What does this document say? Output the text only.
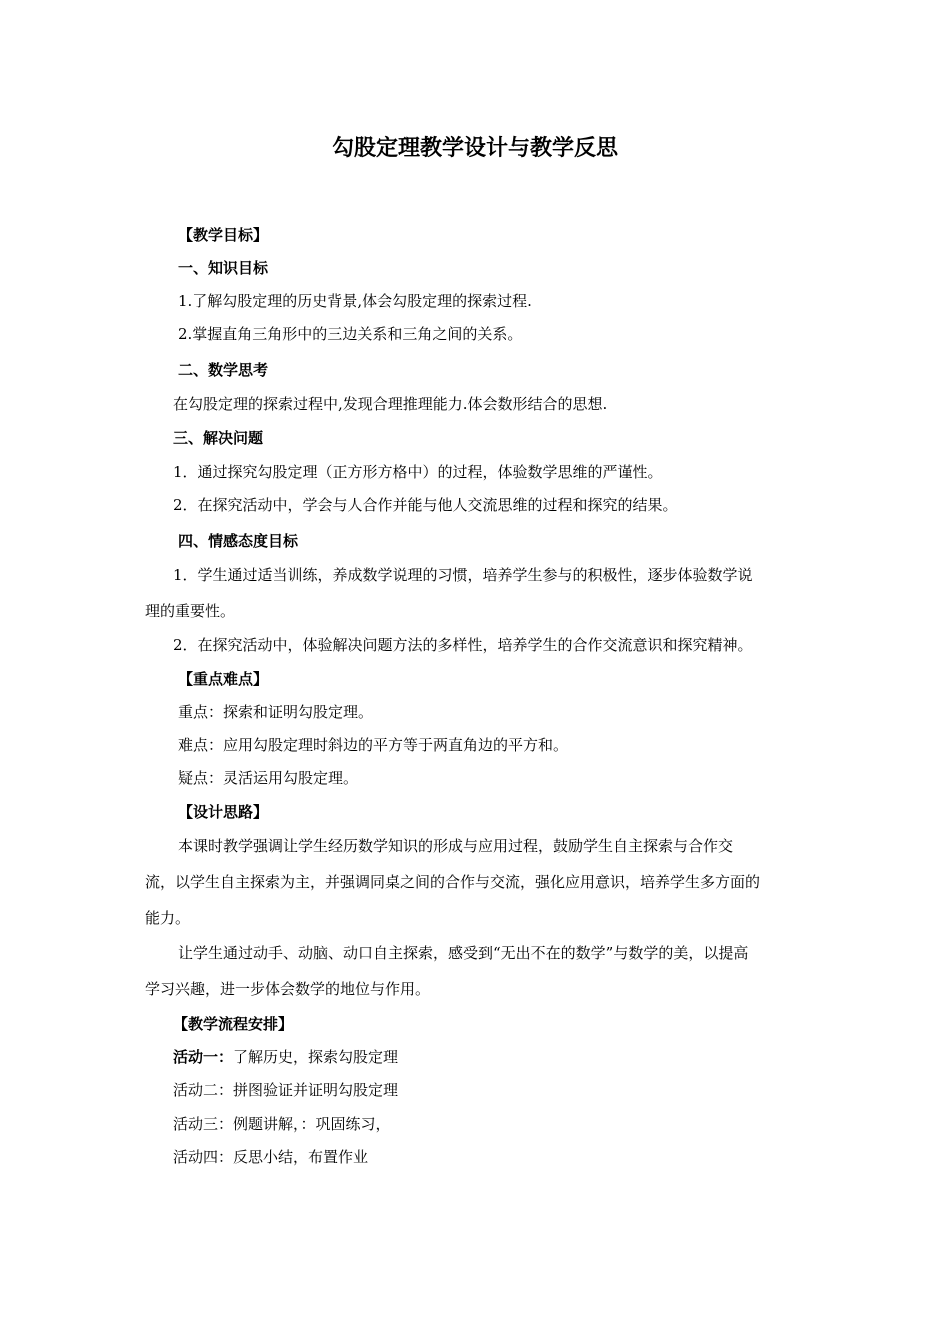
勾股定理教学设计与教学反思
【教学目标】
一、知识目标
1.了解勾股定理的历史背景,体会勾股定理的探索过程.
2.掌握直角三角形中的三边关系和三角之间的关系。
二、数学思考
在勾股定理的探索过程中,发现合理推理能力.体会数形结合的思想.
三、解决问题
1．通过探究勾股定理（正方形方格中）的过程，体验数学思维的严谨性。
2．在探究活动中，学会与人合作并能与他人交流思维的过程和探究的结果。
四、情感态度目标
1．学生通过适当训练，养成数学说理的习惯，培养学生参与的积极性，逐步体验数学说
理的重要性。
2．在探究活动中，体验解决问题方法的多样性，培养学生的合作交流意识和探究精神。
【重点难点】
重点：探索和证明勾股定理。
难点：应用勾股定理时斜边的平方等于两直角边的平方和。
疑点：灵活运用勾股定理。
【设计思路】
本课时教学强调让学生经历数学知识的形成与应用过程，鼓励学生自主探索与合作交
流，以学生自主探索为主，并强调同桌之间的合作与交流，强化应用意识，培养学生多方面的
能力。
让学生通过动手、动脑、动口自主探索，感受到“无出不在的数学”与数学的美，以提高
学习兴趣，进一步体会数学的地位与作用。
【教学流程安排】
活动一：了解历史，探索勾股定理
活动二：拼图验证并证明勾股定理
活动三：例题讲解，：巩固练习，
活动四：反思小结，布置作业
